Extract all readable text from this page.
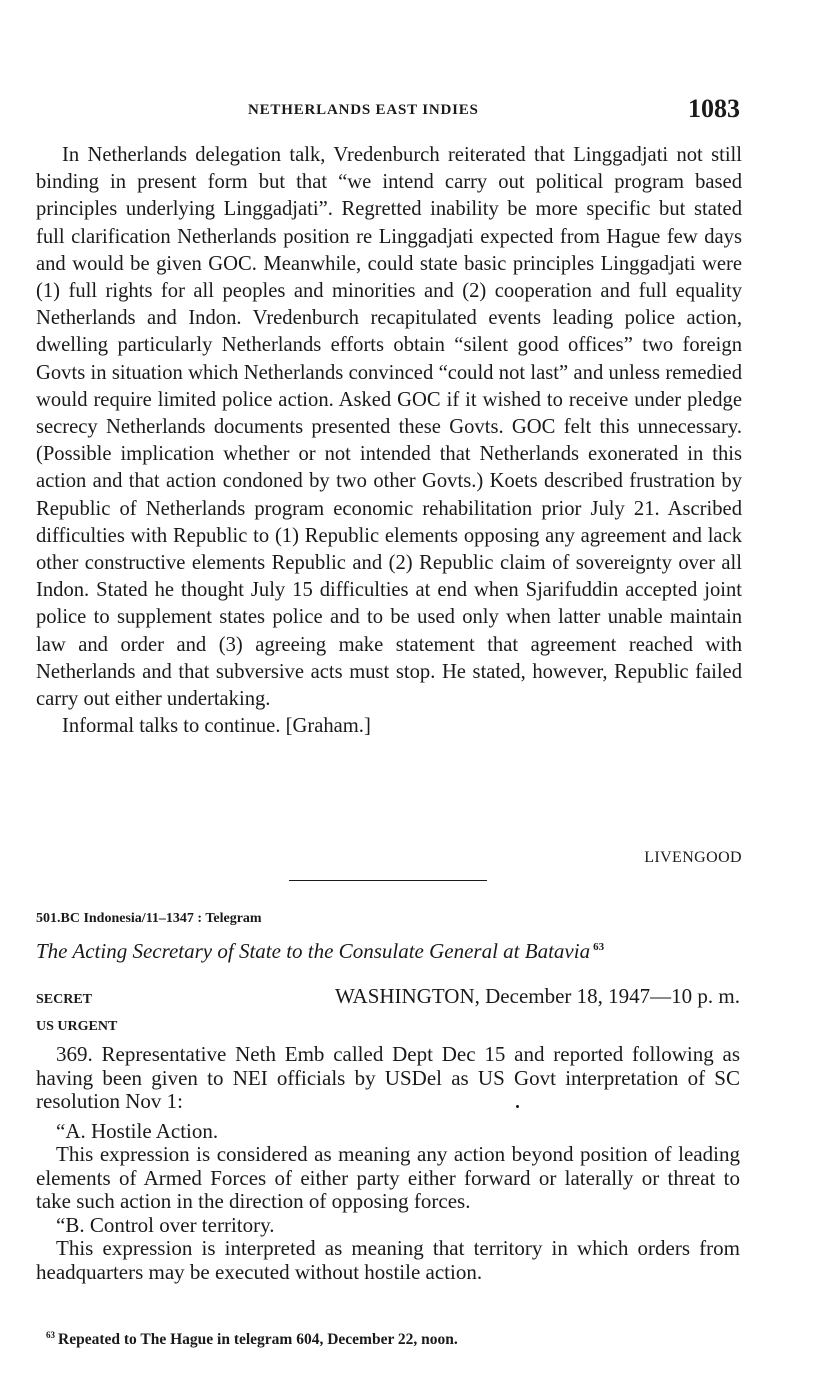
NETHERLANDS EAST INDIES	1083

In Netherlands delegation talk, Vredenburch reiterated that Linggadjati not still binding in present form but that “we intend carry out political program based principles underlying Linggadjati”. Regretted inability be more specific but stated full clarification Netherlands position re Linggadjati expected from Hague few days and would be given GOC. Meanwhile, could state basic principles Linggadjati were (1) full rights for all peoples and minorities and (2) cooperation and full equality Netherlands and Indon. Vredenburch recapitulated events leading police action, dwelling particularly Netherlands efforts obtain “silent good offices” two foreign Govts in situation which Netherlands convinced “could not last” and unless remedied would require limited police action. Asked GOC if it wished to receive under pledge secrecy Netherlands documents presented these Govts. GOC felt this unnecessary. (Possible implication whether or not intended that Netherlands exonerated in this action and that action condoned by two other Govts.) Koets described frustration by Republic of Netherlands program economic rehabilitation prior July 21. Ascribed difficulties with Republic to (1) Republic elements opposing any agreement and lack other constructive elements Republic and (2) Republic claim of sovereignty over all Indon. Stated he thought July 15 difficulties at end when Sjarifuddin accepted joint police to supplement states police and to be used only when latter unable maintain law and order and (3) agreeing make statement that agreement reached with Netherlands and that subversive acts must stop. He stated, however, Republic failed carry out either undertaking.

Informal talks to continue. [Graham.]

LIVENGOOD
501.BC Indonesia/11–1347 : Telegram
The Acting Secretary of State to the Consulate General at Batavia $^{63}$
SECRET
US URGENT
WASHINGTON, December 18, 1947—10 p. m.

369. Representative Neth Emb called Dept Dec 15 and reported following as having been given to NEI officials by USDel as US Govt interpretation of SC resolution Nov 1:

“A. Hostile Action.

This expression is considered as meaning any action beyond position of leading elements of Armed Forces of either party either forward or laterally or threat to take such action in the direction of opposing forces.

“B. Control over territory.

This expression is interpreted as meaning that territory in which orders from headquarters may be executed without hostile action.

$^{63}$ Repeated to The Hague in telegram 604, December 22, noon.
